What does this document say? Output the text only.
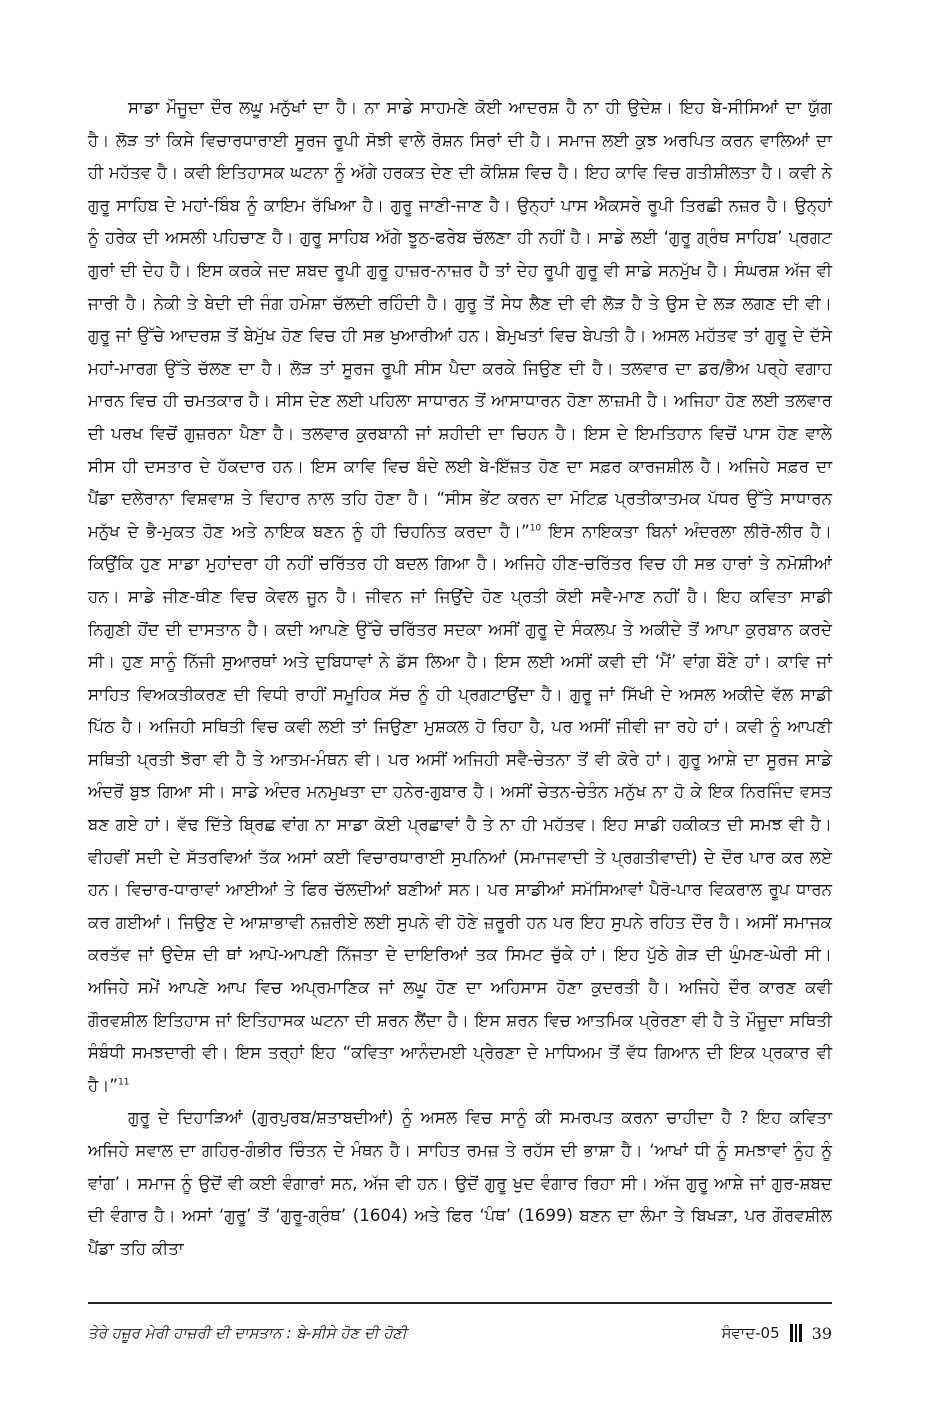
ਸਾਡਾ ਮੌਜੂਦਾ ਦੌਰ ਲਘੂ ਮਨੁੱਖਾਂ ਦਾ ਹੈ। ਨਾ ਸਾਡੇ ਸਾਹਮਣੇ ਕੋਈ ਆਦਰਸ਼ ਹੈ ਨਾ ਹੀ ਉਦੇਸ਼। ਇਹ ਬੇ-ਸੀਸਿਆਂ ਦਾ ਯੁੱਗ ਹੈ। ਲੋੜ ਤਾਂ ਕਿਸੇ ਵਿਚਾਰਧਾਰਾਈ ਸੂਰਜ ਰੂਪੀ ਸੋਝੀ ਵਾਲੇ ਰੋਸ਼ਨ ਸਿਰਾਂ ਦੀ ਹੈ। ਸਮਾਜ ਲਈ ਕੁਝ ਅਰਪਿਤ ਕਰਨ ਵਾਲਿਆਂ ਦਾ ਹੀ ਮਹੱਤਵ ਹੈ। ਕਵੀ ਇਤਿਹਾਸਕ ਘਟਨਾ ਨੂੰ ਅੱਗੇ ਹਰਕਤ ਦੇਣ ਦੀ ਕੋਸ਼ਿਸ਼ ਵਿਚ ਹੈ। ਇਹ ਕਾਵਿ ਵਿਚ ਗਤੀਸ਼ੀਲਤਾ ਹੈ। ਕਵੀ ਨੇ ਗੁਰੂ ਸਾਹਿਬ ਦੇ ਮਹਾਂ-ਬਿੰਬ ਨੂੰ ਕਾਇਮ ਰੱਖਿਆ ਹੈ। ਗੁਰੂ ਜਾਣੀ-ਜਾਣ ਹੈ। ਉਨ੍ਹਾਂ ਪਾਸ ਐਕਸਰੇ ਰੂਪੀ ਤਿਰਛੀ ਨਜ਼ਰ ਹੈ। ਉਨ੍ਹਾਂ ਨੂੰ ਹਰੇਕ ਦੀ ਅਸਲੀ ਪਹਿਚਾਣ ਹੈ। ਗੁਰੂ ਸਾਹਿਬ ਅੱਗੇ ਝੂਠ-ਫਰੇਬ ਚੱਲਣਾ ਹੀ ਨਹੀਂ ਹੈ। ਸਾਡੇ ਲਈ ‘ਗੁਰੂ ਗ੍ਰੰਥ ਸਾਹਿਬ’ ਪ੍ਰਗਟ ਗੁਰਾਂ ਦੀ ਦੇਹ ਹੈ। ਇਸ ਕਰਕੇ ਜਦ ਸ਼ਬਦ ਰੂਪੀ ਗੁਰੂ ਹਾਜ਼ਰ-ਨਾਜ਼ਰ ਹੈ ਤਾਂ ਦੇਹ ਰੂਪੀ ਗੁਰੂ ਵੀ ਸਾਡੇ ਸਨਮੁੱਖ ਹੈ। ਸੰਘਰਸ਼ ਅੱਜ ਵੀ ਜਾਰੀ ਹੈ। ਨੇਕੀ ਤੇ ਬੇਦੀ ਦੀ ਜੰਗ ਹਮੇਸ਼ਾ ਚੱਲਦੀ ਰਹਿੰਦੀ ਹੈ। ਗੁਰੂ ਤੋਂ ਸੇਧ ਲੈਣ ਦੀ ਵੀ ਲੋੜ ਹੈ ਤੇ ਉਸ ਦੇ ਲੜ ਲਗਣ ਦੀ ਵੀ। ਗੁਰੂ ਜਾਂ ਉੱਚੇ ਆਦਰਸ਼ ਤੋਂ ਬੇਮੁੱਖ ਹੋਣ ਵਿਚ ਹੀ ਸਭ ਖੁਆਰੀਆਂ ਹਨ। ਬੇਮੁਖਤਾਂ ਵਿਚ ਬੇਪਤੀ ਹੈ। ਅਸਲ ਮਹੱਤਵ ਤਾਂ ਗੁਰੂ ਦੇ ਦੱਸੇ ਮਹਾਂ-ਮਾਰਗ ਉੱਤੇ ਚੱਲਣ ਦਾ ਹੈ। ਲੋੜ ਤਾਂ ਸੂਰਜ ਰੂਪੀ ਸੀਸ ਪੈਦਾ ਕਰਕੇ ਜਿਉਣ ਦੀ ਹੈ। ਤਲਵਾਰ ਦਾ ਡਰ/ਭੈਅ ਪਰ੍ਹੇ ਵਗਾਹ ਮਾਰਨ ਵਿਚ ਹੀ ਚਮਤਕਾਰ ਹੈ। ਸੀਸ ਦੇਣ ਲਈ ਪਹਿਲਾ ਸਾਧਾਰਨ ਤੋਂ ਆਸਾਧਾਰਨ ਹੋਣਾ ਲਾਜ਼ਮੀ ਹੈ। ਅਜਿਹਾ ਹੋਣ ਲਈ ਤਲਵਾਰ ਦੀ ਪਰਖ ਵਿਚੋਂ ਗੁਜ਼ਰਨਾ ਪੈਣਾ ਹੈ। ਤਲਵਾਰ ਕੁਰਬਾਨੀ ਜਾਂ ਸ਼ਹੀਦੀ ਦਾ ਚਿਹਨ ਹੈ। ਇਸ ਦੇ ਇਮਤਿਹਾਨ ਵਿਚੋਂ ਪਾਸ ਹੋਣ ਵਾਲੇ ਸੀਸ ਹੀ ਦਸਤਾਰ ਦੇ ਹੱਕਦਾਰ ਹਨ। ਇਸ ਕਾਵਿ ਵਿਚ ਬੰਦੇ ਲਈ ਬੇ-ਇੱਜ਼ਤ ਹੋਣ ਦਾ ਸਫ਼ਰ ਕਾਰਜਸ਼ੀਲ ਹੈ। ਅਜਿਹੇ ਸਫ਼ਰ ਦਾ ਪੈਂਡਾ ਦਲੇਰਾਨਾ ਵਿਸ਼ਵਾਸ਼ ਤੇ ਵਿਹਾਰ ਨਾਲ ਤਹਿ ਹੋਣਾ ਹੈ। “ਸੀਸ ਭੇਂਟ ਕਰਨ ਦਾ ਮੋਟਿਫ਼ ਪ੍ਰਤੀਕਾਤਮਕ ਪੱਧਰ ਉੱਤੇ ਸਾਧਾਰਨ ਮਨੁੱਖ ਦੇ ਭੈ-ਮੁਕਤ ਹੋਣ ਅਤੇ ਨਾਇਕ ਬਣਨ ਨੂੰ ਹੀ ਚਿਹਨਿਤ ਕਰਦਾ ਹੈ।”$^{10}$ ਇਸ ਨਾਇਕਤਾ ਬਿਨਾਂ ਅੰਦਰਲਾ ਲੀਰੋ-ਲੀਰ ਹੈ। ਕਿਉਂਕਿ ਹੁਣ ਸਾਡਾ ਮੁਹਾਂਦਰਾ ਹੀ ਨਹੀਂ ਚਰਿੱਤਰ ਹੀ ਬਦਲ ਗਿਆ ਹੈ। ਅਜਿਹੇ ਹੀਣ-ਚਰਿੱਤਰ ਵਿਚ ਹੀ ਸਭ ਹਾਰਾਂ ਤੇ ਨਮੋਸ਼ੀਆਂ ਹਨ। ਸਾਡੇ ਜੀਣ-ਥੀਣ ਵਿਚ ਕੇਵਲ ਜੂਨ ਹੈ। ਜੀਵਨ ਜਾਂ ਜਿਉਂਦੇ ਹੋਣ ਪ੍ਰਤੀ ਕੋਈ ਸਵੈ-ਮਾਣ ਨਹੀਂ ਹੈ। ਇਹ ਕਵਿਤਾ ਸਾਡੀ ਨਿਗੁਣੀ ਹੋਂਦ ਦੀ ਦਾਸਤਾਨ ਹੈ। ਕਦੀ ਆਪਣੇ ਉੱਚੇ ਚਰਿੱਤਰ ਸਦਕਾ ਅਸੀਂ ਗੁਰੂ ਦੇ ਸੰਕਲਪ ਤੇ ਅਕੀਦੇ ਤੋਂ ਆਪਾ ਕੁਰਬਾਨ ਕਰਦੇ ਸੀ। ਹੁਣ ਸਾਨੂੰ ਨਿੱਜੀ ਸੁਆਰਥਾਂ ਅਤੇ ਦੁਬਿਧਾਵਾਂ ਨੇ ਡੱਸ ਲਿਆ ਹੈ। ਇਸ ਲਈ ਅਸੀਂ ਕਵੀ ਦੀ ‘ਮੈਂ’ ਵਾਂਗ ਬੌਣੇ ਹਾਂ। ਕਾਵਿ ਜਾਂ ਸਾਹਿਤ ਵਿਅਕਤੀਕਰਣ ਦੀ ਵਿਧੀ ਰਾਹੀਂ ਸਮੂਹਿਕ ਸੱਚ ਨੂੰ ਹੀ ਪ੍ਰਗਟਾਉਂਦਾ ਹੈ। ਗੁਰੂ ਜਾਂ ਸਿੱਖੀ ਦੇ ਅਸਲ ਅਕੀਦੇ ਵੱਲ ਸਾਡੀ ਪਿੱਠ ਹੈ। ਅਜਿਹੀ ਸਥਿਤੀ ਵਿਚ ਕਵੀ ਲਈ ਤਾਂ ਜਿਉਣਾ ਮੁਸ਼ਕਲ ਹੋ ਰਿਹਾ ਹੈ, ਪਰ ਅਸੀਂ ਜੀਵੀ ਜਾ ਰਹੇ ਹਾਂ। ਕਵੀ ਨੂੰ ਆਪਣੀ ਸਥਿਤੀ ਪ੍ਰਤੀ ਝੋਰਾ ਵੀ ਹੈ ਤੇ ਆਤਮ-ਮੰਥਨ ਵੀ। ਪਰ ਅਸੀਂ ਅਜਿਹੀ ਸਵੈ-ਚੇਤਨਾ ਤੋਂ ਵੀ ਕੋਰੇ ਹਾਂ। ਗੁਰੂ ਆਸ਼ੇ ਦਾ ਸੂਰਜ ਸਾਡੇ ਅੰਦਰੋਂ ਬੁਝ ਗਿਆ ਸੀ। ਸਾਡੇ ਅੰਦਰ ਮਨਮੁਖਤਾ ਦਾ ਹਨੇਰ-ਗੁਬਾਰ ਹੈ। ਅਸੀਂ ਚੇਤਨ-ਚੇਤੰਨ ਮਨੁੱਖ ਨਾ ਹੋ ਕੇ ਇਕ ਨਿਰਜਿੰਦ ਵਸਤ ਬਣ ਗਏ ਹਾਂ। ਵੱਢ ਦਿੱਤੇ ਬ੍ਰਿਛ ਵਾਂਗ ਨਾ ਸਾਡਾ ਕੋਈ ਪ੍ਰਛਾਵਾਂ ਹੈ ਤੇ ਨਾ ਹੀ ਮਹੱਤਵ। ਇਹ ਸਾਡੀ ਹਕੀਕਤ ਦੀ ਸਮਝ ਵੀ ਹੈ। ਵੀਹਵੀਂ ਸਦੀ ਦੇ ਸੱਤਰਵਿਆਂ ਤੱਕ ਅਸਾਂ ਕਈ ਵਿਚਾਰਧਾਰਾਈ ਸੁਪਨਿਆਂ (ਸਮਾਜਵਾਦੀ ਤੇ ਪ੍ਰਗਤੀਵਾਦੀ) ਦੇ ਦੌਰ ਪਾਰ ਕਰ ਲਏ ਹਨ। ਵਿਚਾਰ-ਧਾਰਾਵਾਂ ਆਈਆਂ ਤੇ ਫਿਰ ਚੱਲਦੀਆਂ ਬਣੀਆਂ ਸਨ। ਪਰ ਸਾਡੀਆਂ ਸਮੱਸਿਆਵਾਂ ਪੈਰੋ-ਪਾਰ ਵਿਕਰਾਲ ਰੂਪ ਧਾਰਨ ਕਰ ਗਈਆਂ। ਜਿਉਣ ਦੇ ਆਸ਼ਾਭਾਵੀ ਨਜ਼ਰੀਏ ਲਈ ਸੁਪਨੇ ਵੀ ਹੋਣੇ ਜ਼ਰੂਰੀ ਹਨ ਪਰ ਇਹ ਸੁਪਨੇ ਰਹਿਤ ਦੌਰ ਹੈ। ਅਸੀਂ ਸਮਾਜਕ ਕਰਤੱਵ ਜਾਂ ਉਦੇਸ਼ ਦੀ ਥਾਂ ਆਪੋ-ਆਪਣੀ ਨਿੱਜਤਾ ਦੇ ਦਾਇਰਿਆਂ ਤਕ ਸਿਮਟ ਚੁੱਕੇ ਹਾਂ। ਇਹ ਪੁੱਠੇ ਗੇੜ ਦੀ ਘੁੰਮਣ-ਘੇਰੀ ਸੀ। ਅਜਿਹੇ ਸਮੇਂ ਆਪਣੇ ਆਪ ਵਿਚ ਅਪ੍ਰਮਾਣਿਕ ਜਾਂ ਲਘੂ ਹੋਣ ਦਾ ਅਹਿਸਾਸ ਹੋਣਾ ਕੁਦਰਤੀ ਹੈ। ਅਜਿਹੇ ਦੌਰ ਕਾਰਣ ਕਵੀ ਗੌਰਵਸ਼ੀਲ ਇਤਿਹਾਸ ਜਾਂ ਇਤਿਹਾਸਕ ਘਟਨਾ ਦੀ ਸ਼ਰਨ ਲੈਂਦਾ ਹੈ। ਇਸ ਸ਼ਰਨ ਵਿਚ ਆਤਮਿਕ ਪ੍ਰੇਰਣਾ ਵੀ ਹੈ ਤੇ ਮੌਜੂਦਾ ਸਥਿਤੀ ਸੰਬੰਧੀ ਸਮਝਦਾਰੀ ਵੀ। ਇਸ ਤਰ੍ਹਾਂ ਇਹ “ਕਵਿਤਾ ਆਨੰਦਮਈ ਪ੍ਰੇਰਣਾ ਦੇ ਮਾਧਿਅਮ ਤੋਂ ਵੱਧ ਗਿਆਨ ਦੀ ਇਕ ਪ੍ਰਕਾਰ ਵੀ ਹੈ।”$^{11}$

ਗੁਰੂ ਦੇ ਦਿਹਾੜਿਆਂ (ਗੁਰਪੁਰਬ/ਸ਼ਤਾਬਦੀਆਂ) ਨੂੰ ਅਸਲ ਵਿਚ ਸਾਨੂੰ ਕੀ ਸਮਰਪਤ ਕਰਨਾ ਚਾਹੀਦਾ ਹੈ ? ਇਹ ਕਵਿਤਾ ਅਜਿਹੇ ਸਵਾਲ ਦਾ ਗਹਿਰ-ਗੰਭੀਰ ਚਿੰਤਨ ਦੇ ਮੰਥਨ ਹੈ। ਸਾਹਿਤ ਰਮਜ਼ ਤੇ ਰਹੱਸ ਦੀ ਭਾਸ਼ਾ ਹੈ। ‘ਆਖਾਂ ਧੀ ਨੂੰ ਸਮਝਾਵਾਂ ਨੂੰਹ ਨੂੰ ਵਾਂਗ’। ਸਮਾਜ ਨੂੰ ਉਦੋਂ ਵੀ ਕਈ ਵੰਗਾਰਾਂ ਸਨ, ਅੱਜ ਵੀ ਹਨ। ਉਦੋਂ ਗੁਰੂ ਖੁਦ ਵੰਗਾਰ ਰਿਹਾ ਸੀ। ਅੱਜ ਗੁਰੂ ਆਸ਼ੇ ਜਾਂ ਗੁਰ-ਸ਼ਬਦ ਦੀ ਵੰਗਾਰ ਹੈ। ਅਸਾਂ ‘ਗੁਰੂ’ ਤੋਂ ‘ਗੁਰੂ-ਗ੍ਰੰਥ’ (1604) ਅਤੇ ਫਿਰ ‘ਪੰਥ’ (1699) ਬਣਨ ਦਾ ਲੰਮਾ ਤੇ ਬਿਖੜਾ, ਪਰ ਗੌਰਵਸ਼ੀਲ ਪੈਂਡਾ ਤਹਿ ਕੀਤਾ

ਤੇਰੇ ਹਜ਼ੂਰ ਮੇਰੀ ਹਾਜ਼ਰੀ ਦੀ ਦਾਸਤਾਨ : ਬੇ-ਸੀਸੇ ਹੋਣ ਦੀ ਹੋਣੀ	ਸੰਵਾਦ-05 39
